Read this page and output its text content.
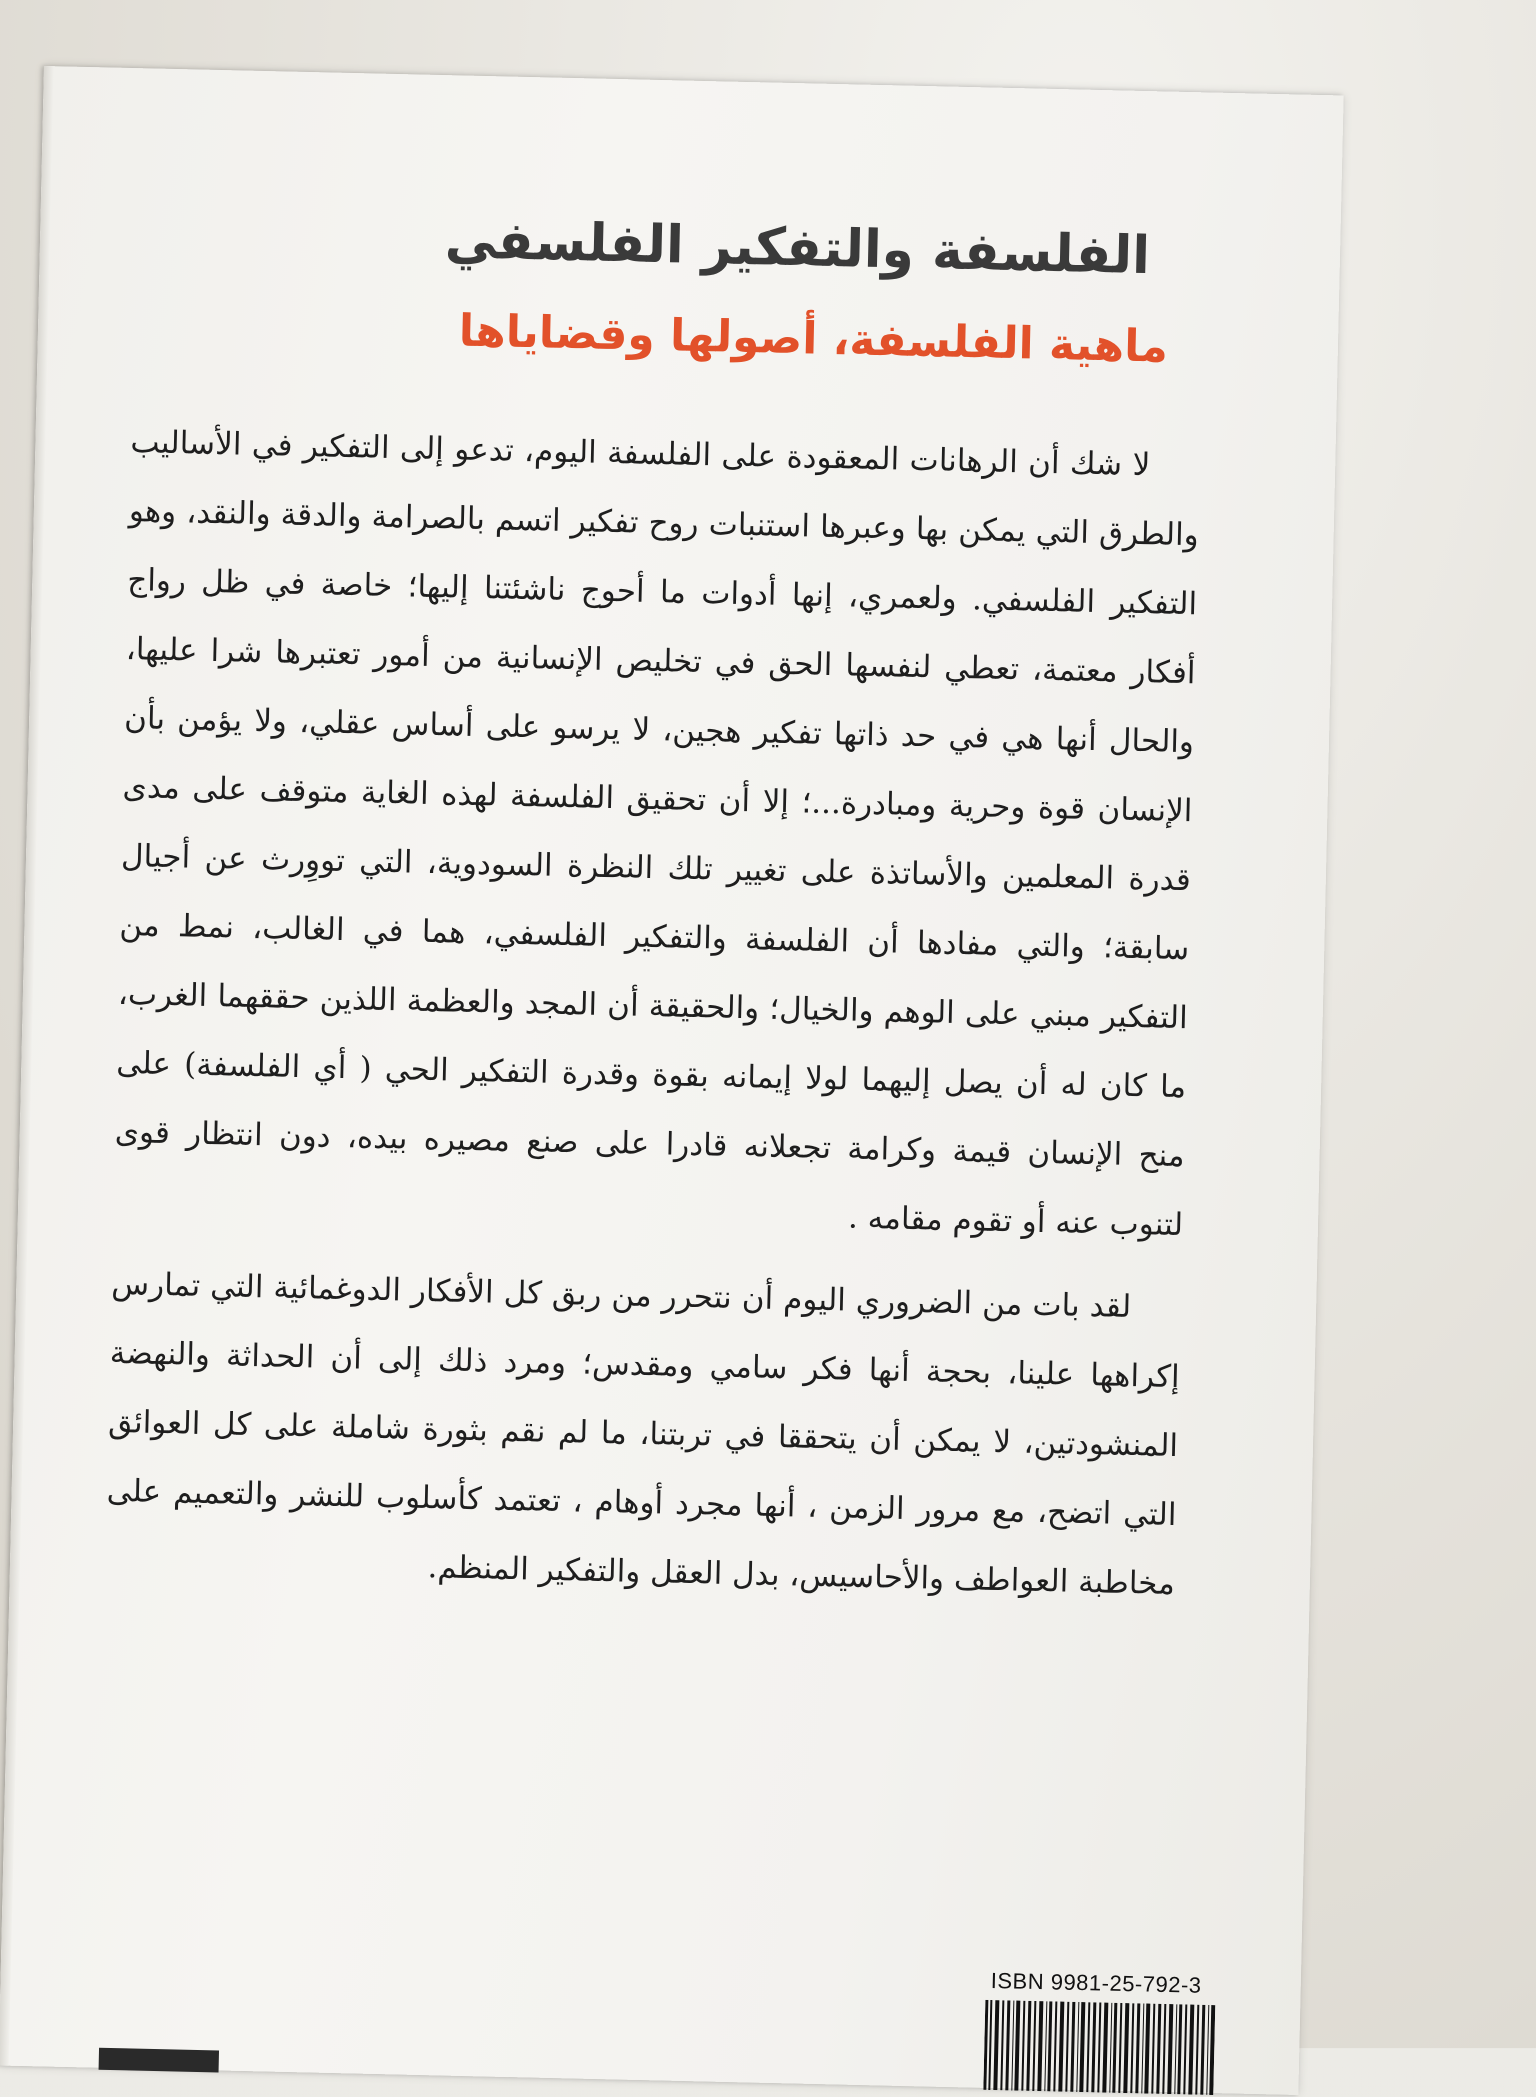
الفلسفة والتفكير الفلسفي
ماهية الفلسفة، أصولها وقضاياها

لا شك أن الرهانات المعقودة على الفلسفة اليوم، تدعو إلى التفكير في الأساليب والطرق التي يمكن بها وعبرها استنبات روح تفكير اتسم بالصرامة والدقة والنقد، وهو التفكير الفلسفي. ولعمري، إنها أدوات ما أحوج ناشئتنا إليها؛ خاصة في ظل رواج أفكار معتمة، تعطي لنفسها الحق في تخليص الإنسانية من أمور تعتبرها شرا عليها، والحال أنها هي في حد ذاتها تفكير هجين، لا يرسو على أساس عقلي، ولا يؤمن بأن الإنسان قوة وحرية ومبادرة...؛ إلا أن تحقيق الفلسفة لهذه الغاية متوقف على مدى قدرة المعلمين والأساتذة على تغيير تلك النظرة السودوية، التي تووِرث عن أجيال سابقة؛ والتي مفادها أن الفلسفة والتفكير الفلسفي، هما في الغالب، نمط من التفكير مبني على الوهم والخيال؛ والحقيقة أن المجد والعظمة اللذين حققهما الغرب، ما كان له أن يصل إليهما لولا إيمانه بقوة وقدرة التفكير الحي ( أي الفلسفة) على منح الإنسان قيمة وكرامة تجعلانه قادرا على صنع مصيره بيده، دون انتظار قوى لتنوب عنه أو تقوم مقامه .

لقد بات من الضروري اليوم أن نتحرر من ربق كل الأفكار الدوغمائية التي تمارس إكراهها علينا، بحجة أنها فكر سامي ومقدس؛ ومرد ذلك إلى أن الحداثة والنهضة المنشودتين، لا يمكن أن يتحققا في تربتنا، ما لم نقم بثورة شاملة على كل العوائق التي اتضح، مع مرور الزمن ، أنها مجرد أوهام ، تعتمد كأسلوب للنشر والتعميم على مخاطبة العواطف والأحاسيس، بدل العقل والتفكير المنظم.

ISBN 9981-25-792-3
